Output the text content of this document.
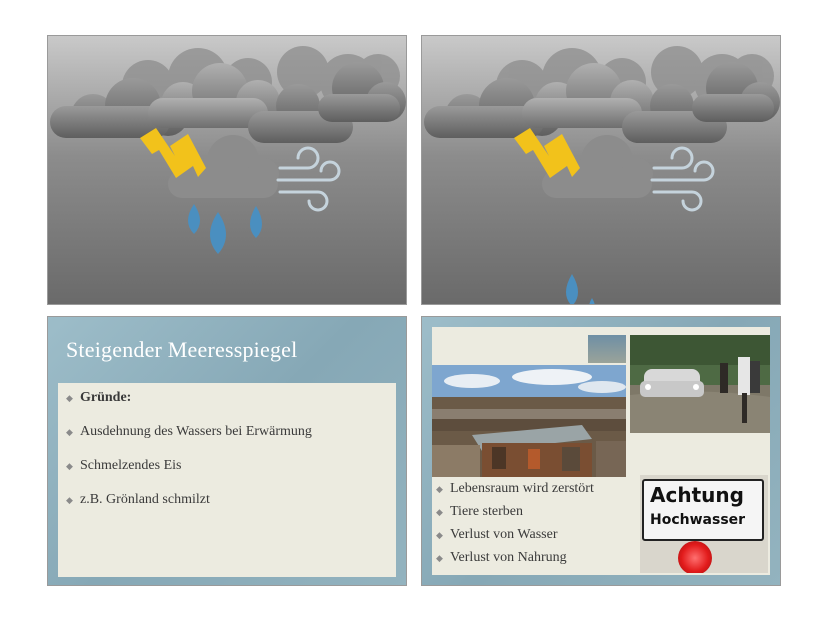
Steigender Meeresspiegel
◆ Gründe:
◆ Ausdehnung des Wassers bei Erwärmung
◆ Schmelzendes Eis
◆ z.B. Grönland schmilzt
◆ Lebensraum wird zerstört
◆ Tiere sterben
◆ Verlust von Wasser
◆ Verlust von Nahrung
Achtung
Hochwasser
